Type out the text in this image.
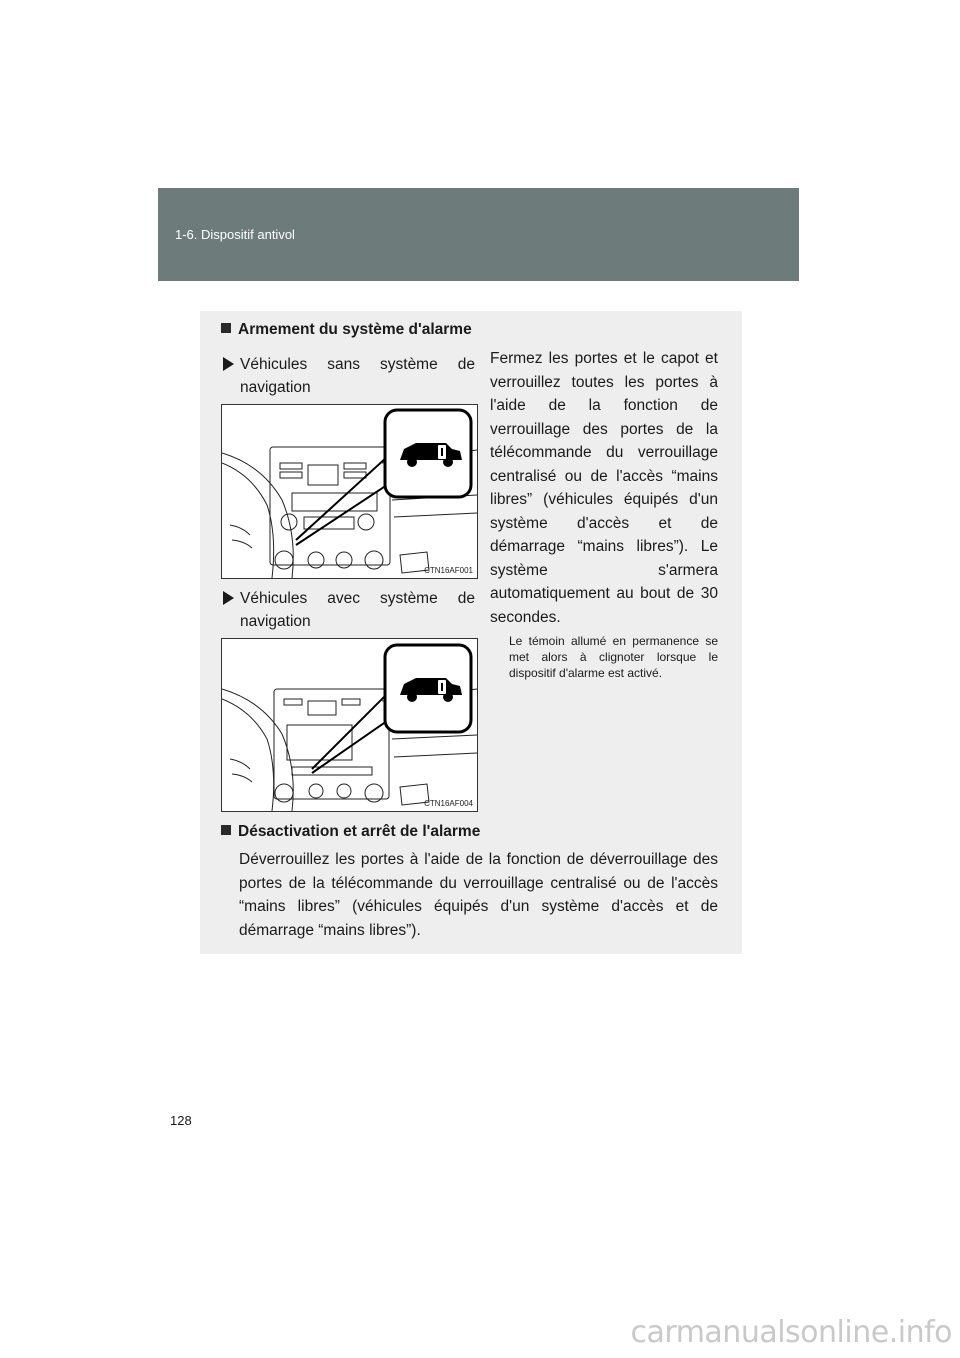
1-6. Dispositif antivol
Armement du système d'alarme
Véhicules sans système de navigation
CTN16AF001
Véhicules avec système de navigation
CTN16AF004
Fermez les portes et le capot et verrouillez toutes les portes à l'aide de la fonction de verrouillage des portes de la télécommande du verrouillage centralisé ou de l'accès “mains libres” (véhicules équipés d'un système d'accès et de démarrage “mains libres”). Le système s'armera automatiquement au bout de 30 secondes.
Le témoin allumé en permanence se met alors à clignoter lorsque le dispositif d'alarme est activé.
Désactivation et arrêt de l'alarme
Déverrouillez les portes à l'aide de la fonction de déverrouillage des portes de la télécommande du verrouillage centralisé ou de l'accès “mains libres” (véhicules équipés d'un système d'accès et de démarrage “mains libres”).
128
carmanualsonline.info
